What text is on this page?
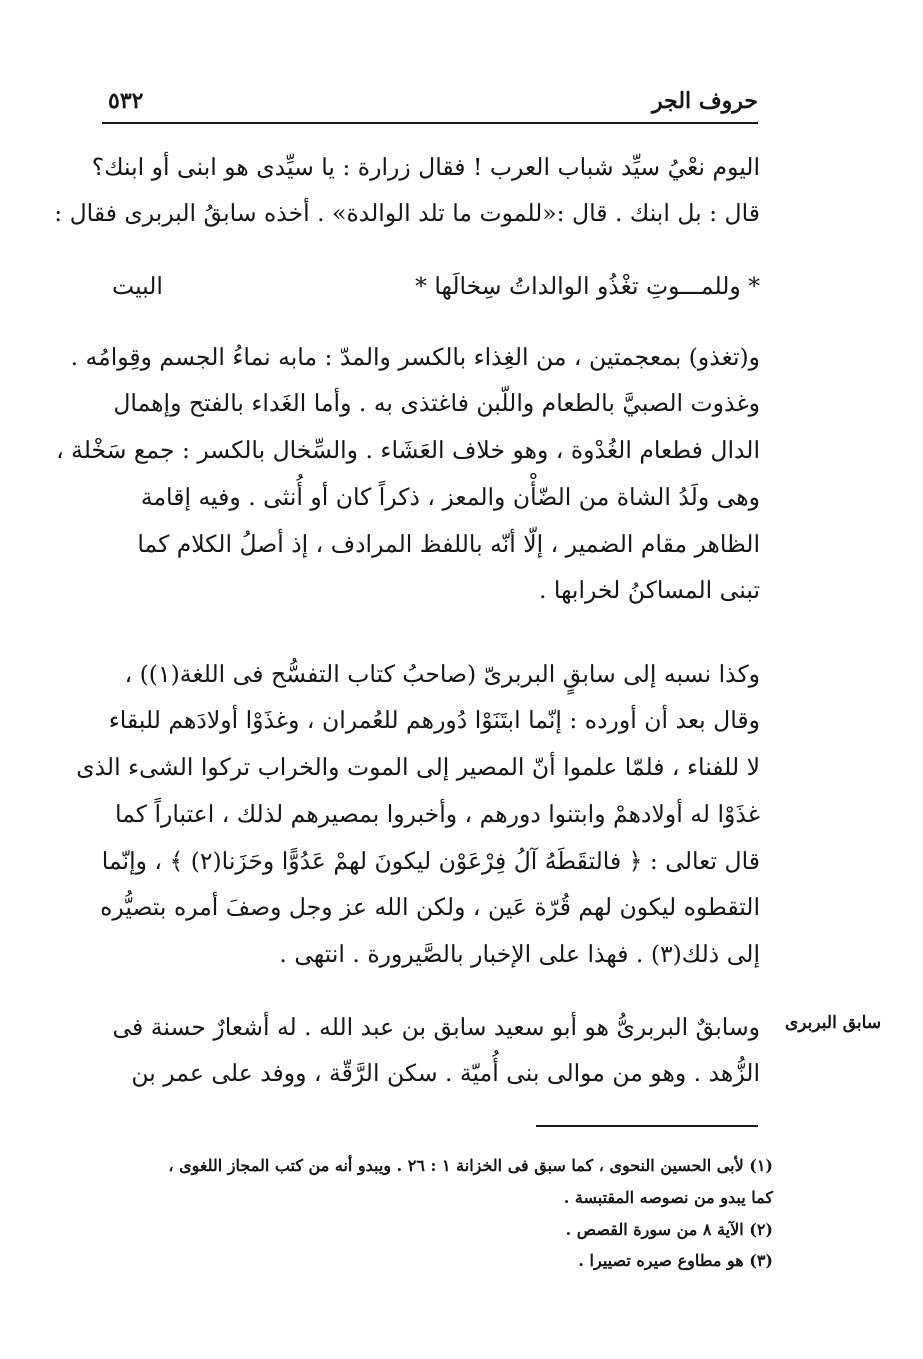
٥٣٢	حروف الجر
اليوم نعْيُ سيِّد شباب العرب ! فقال زرارة : يا سيِّدى هو ابنى أو ابنك؟
قال : بل ابنك . قال :«للموت ما تلد الوالدة» . أخذه سابقُ البربرى فقال :
البيت	* وللمـــوتِ تغْذُو الوالداتُ سِخالَها *
و(تغذو) بمعجمتين ، من الغِذاء بالكسر والمدّ : مابه نماءُ الجسم وقِوامُه .
وغذوت الصبيَّ بالطعام واللّبن فاغتذى به . وأما الغَداء بالفتح وإهمال
الدال فطعام الغُدْوة ، وهو خلاف العَشَاء . والسِّخال بالكسر : جمع سَخْلة ،
وهى ولَدُ الشاة من الضّأْن والمعز ، ذكراً كان أو أُنثى . وفيه إقامة
الظاهر مقام الضمير ، إلّا أنّه باللفظ المرادف ، إذ أصلُ الكلام كما
تبنى المساكنُ لخرابها .
وكذا نسبه إلى سابقٍ البربرىّ (صاحبُ كتاب التفسُّح فى اللغة(١)) ،
وقال بعد أن أورده : إنّما ابتَنَوْا دُورهم للعُمران ، وغذَوْا أولادَهم للبقاء
لا للفناء ، فلمّا علموا أنّ المصير إلى الموت والخراب تركوا الشىء الذى
غذَوْا له أولادهمْ وابتنوا دورهم ، وأخبروا بمصيرهم لذلك ، اعتباراً كما
قال تعالى : ﴿ فالتقَطَهُ آلُ فِرْعَوْن ليكونَ لهمْ عَدُوًّا وحَزَنا(٢) ﴾ ، وإنّما
التقطوه ليكون لهم قُرّة عَين ، ولكن الله عز وجل وصفَ أمره بتصيُّره
إلى ذلك(٣) . فهذا على الإخبار بالصَّيرورة . انتهى .
وسابقٌ البربرىُّ هو أبو سعيد سابق بن عبد الله . له أشعارٌ حسنة فى
الزُّهد . وهو من موالى بنى أُميّة . سكن الرَّقّة ، ووفد على عمر بن
سابق البربرى
(١) لأبى الحسين النحوى ، كما سبق فى الخزانة ١ : ٢٦ . ويبدو أنه من كتب المجاز اللغوى ،
كما يبدو من نصوصه المقتبسة .
(٢) الآية ٨ من سورة القصص .
(٣) هو مطاوع صيره تصييرا .
